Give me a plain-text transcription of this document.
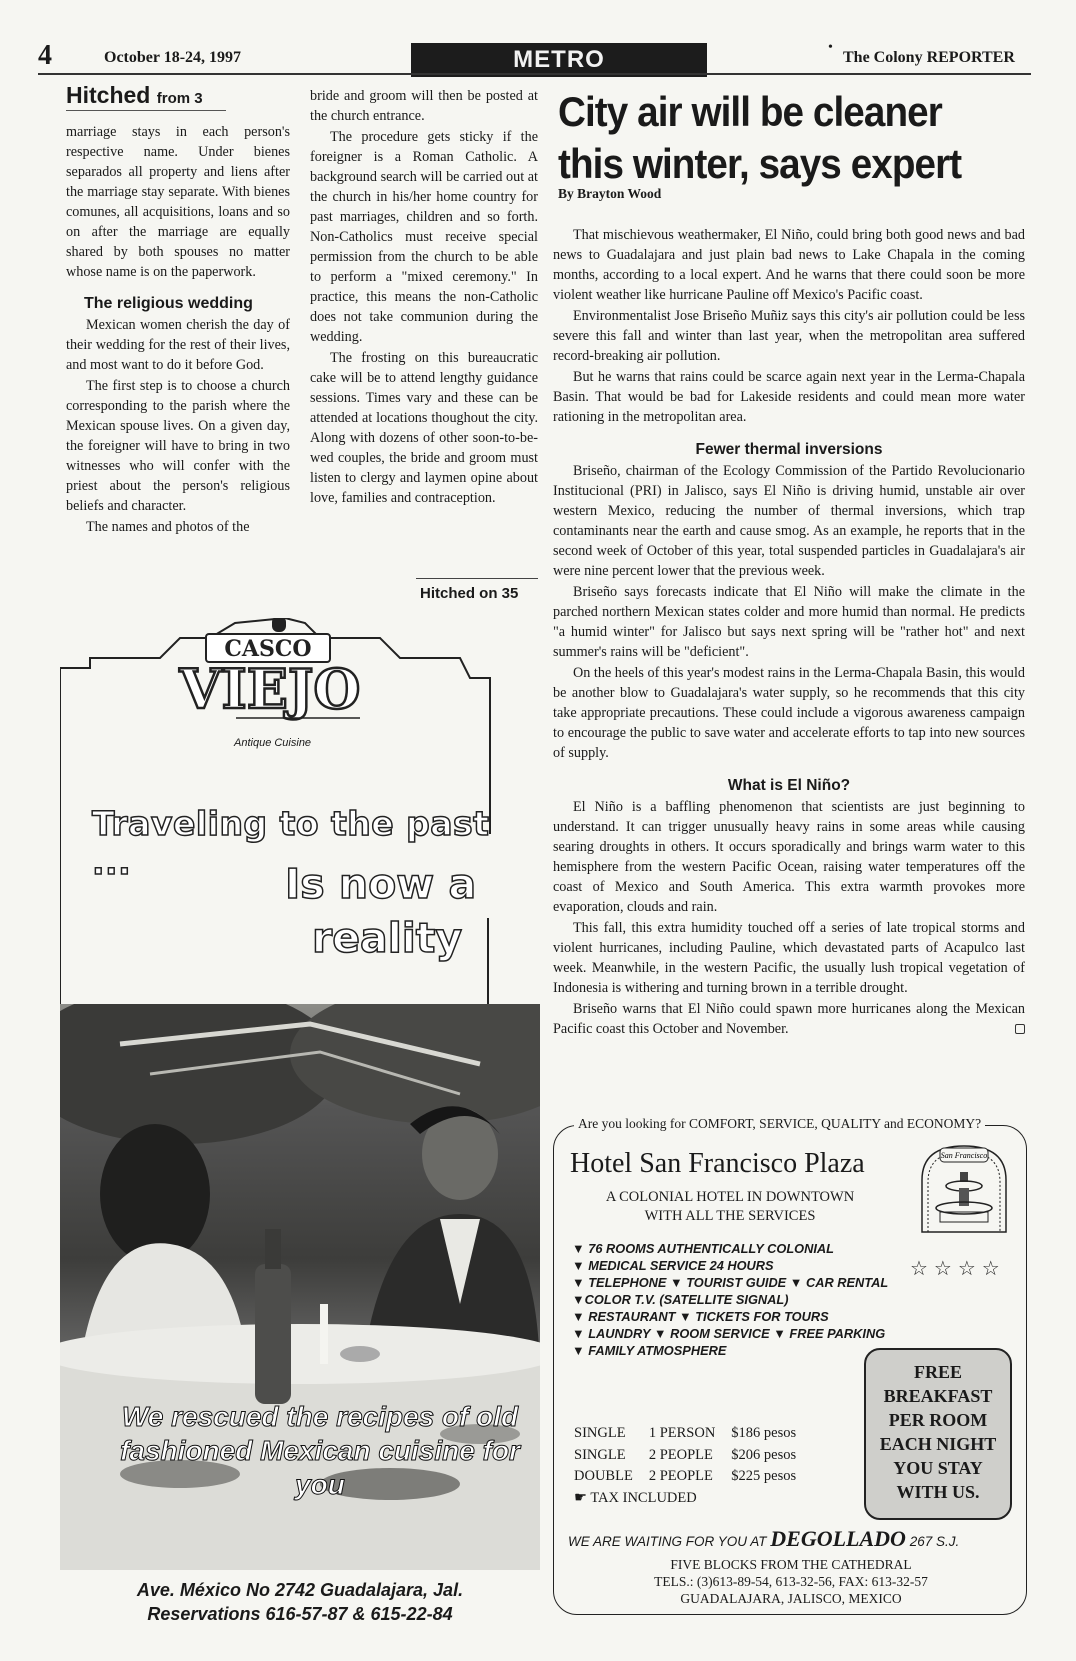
4	October 18-24, 1997	METRO	•
The Colony REPORTER
Hitched from 3

marriage stays in each person's respective name. Under bienes separados all property and liens after the marriage stay separate. With bienes comunes, all acquisitions, loans and so on after the marriage are equally shared by both spouses no matter whose name is on the paperwork.

The religious wedding

Mexican women cherish the day of their wedding for the rest of their lives, and most want to do it before God.

The first step is to choose a church corresponding to the parish where the Mexican spouse lives. On a given day, the foreigner will have to bring in two witnesses who will confer with the priest about the person's religious beliefs and character.

The names and photos of the

bride and groom will then be posted at the church entrance.

The procedure gets sticky if the foreigner is a Roman Catholic. A background search will be carried out at the church in his/her home country for past marriages, children and so forth. Non-Catholics must receive special permission from the church to be able to perform a "mixed ceremony." In practice, this means the non-Catholic does not take communion during the wedding.

The frosting on this bureaucratic cake will be to attend lengthy guidance sessions. Times vary and these can be attended at locations thoughout the city. Along with dozens of other soon-to-be-wed couples, the bride and groom must listen to clergy and laymen opine about love, families and contraception.

Hitched on 35
City air will be cleaner this winter, says expert
By Brayton Wood

That mischievous weathermaker, El Niño, could bring both good news and bad news to Guadalajara and just plain bad news to Lake Chapala in the coming months, according to a local expert. And he warns that there could soon be more violent weather like hurricane Pauline off Mexico's Pacific coast.

Environmentalist Jose Briseño Muñiz says this city's air pollution could be less severe this fall and winter than last year, when the metropolitan area suffered record-breaking air pollution.

But he warns that rains could be scarce again next year in the Lerma-Chapala Basin. That would be bad for Lakeside residents and could mean more water rationing in the metropolitan area.

Fewer thermal inversions

Briseño, chairman of the Ecology Commission of the Partido Revolucionario Institucional (PRI) in Jalisco, says El Niño is driving humid, unstable air over western Mexico, reducing the number of thermal inversions, which trap contaminants near the earth and cause smog. As an example, he reports that in the second week of October of this year, total suspended particles in Guadalajara's air were nine percent lower that the previous week.

Briseño says forecasts indicate that El Niño will make the climate in the parched northern Mexican states colder and more humid than normal. He predicts "a humid winter" for Jalisco but says next spring will be "rather hot" and next summer's rains will be "deficient".

On the heels of this year's modest rains in the Lerma-Chapala Basin, this would be another blow to Guadalajara's water supply, so he recommends that this city take appropriate precautions. These could include a vigorous awareness campaign to encourage the public to save water and accelerate efforts to tap into new sources of supply.

What is El Niño?

El Niño is a baffling phenomenon that scientists are just beginning to understand. It can trigger unusually heavy rains in some areas while causing searing droughts in others. It occurs sporadically and brings warm water to this hemisphere from the western Pacific Ocean, raising water temperatures off the coast of Mexico and South America. This extra warmth provokes more evaporation, clouds and rain.

This fall, this extra humidity touched off a series of late tropical storms and violent hurricanes, including Pauline, which devastated parts of Acapulco last week. Meanwhile, in the western Pacific, the usually lush tropical vegetation of Indonesia is withering and turning brown in a terrible drought.

Briseño warns that El Niño could spawn more hurricanes along the Mexican Pacific coast this October and November.

CASCO
VIEJO
Antique Cuisine
Traveling to the past ...	Is now a
reality
We rescued the recipes of old fashioned Mexican cuisine for you
Ave. México No 2742 Guadalajara, Jal.
Reservations 616-57-87 & 615-22-84
Are you looking for COMFORT, SERVICE, QUALITY and ECONOMY?
Hotel San Francisco Plaza
A COLONIAL HOTEL IN DOWNTOWN
WITH ALL THE SERVICES
San Francisco
▼ 76 ROOMS AUTHENTICALLY COLONIAL
▼ MEDICAL SERVICE 24 HOURS
▼ TELEPHONE ▼ TOURIST GUIDE ▼ CAR RENTAL
▼COLOR T.V. (SATELLITE SIGNAL)
▼ RESTAURANT ▼ TICKETS FOR TOURS
▼ LAUNDRY ▼ ROOM SERVICE ▼ FREE PARKING
▼ FAMILY ATMOSPHERE
☆☆☆☆
SINGLE	1 PERSON	$186 pesos
SINGLE	2 PEOPLE	$206 pesos
DOUBLE	2 PEOPLE	$225 pesos
☛ TAX INCLUDED		
FREE
BREAKFAST
PER ROOM
EACH NIGHT
YOU STAY
WITH US.
WE ARE WAITING FOR YOU AT DEGOLLADO 267 S.J.
FIVE BLOCKS FROM THE CATHEDRAL
TELS.: (3)613-89-54, 613-32-56, FAX: 613-32-57
GUADALAJARA, JALISCO, MEXICO
